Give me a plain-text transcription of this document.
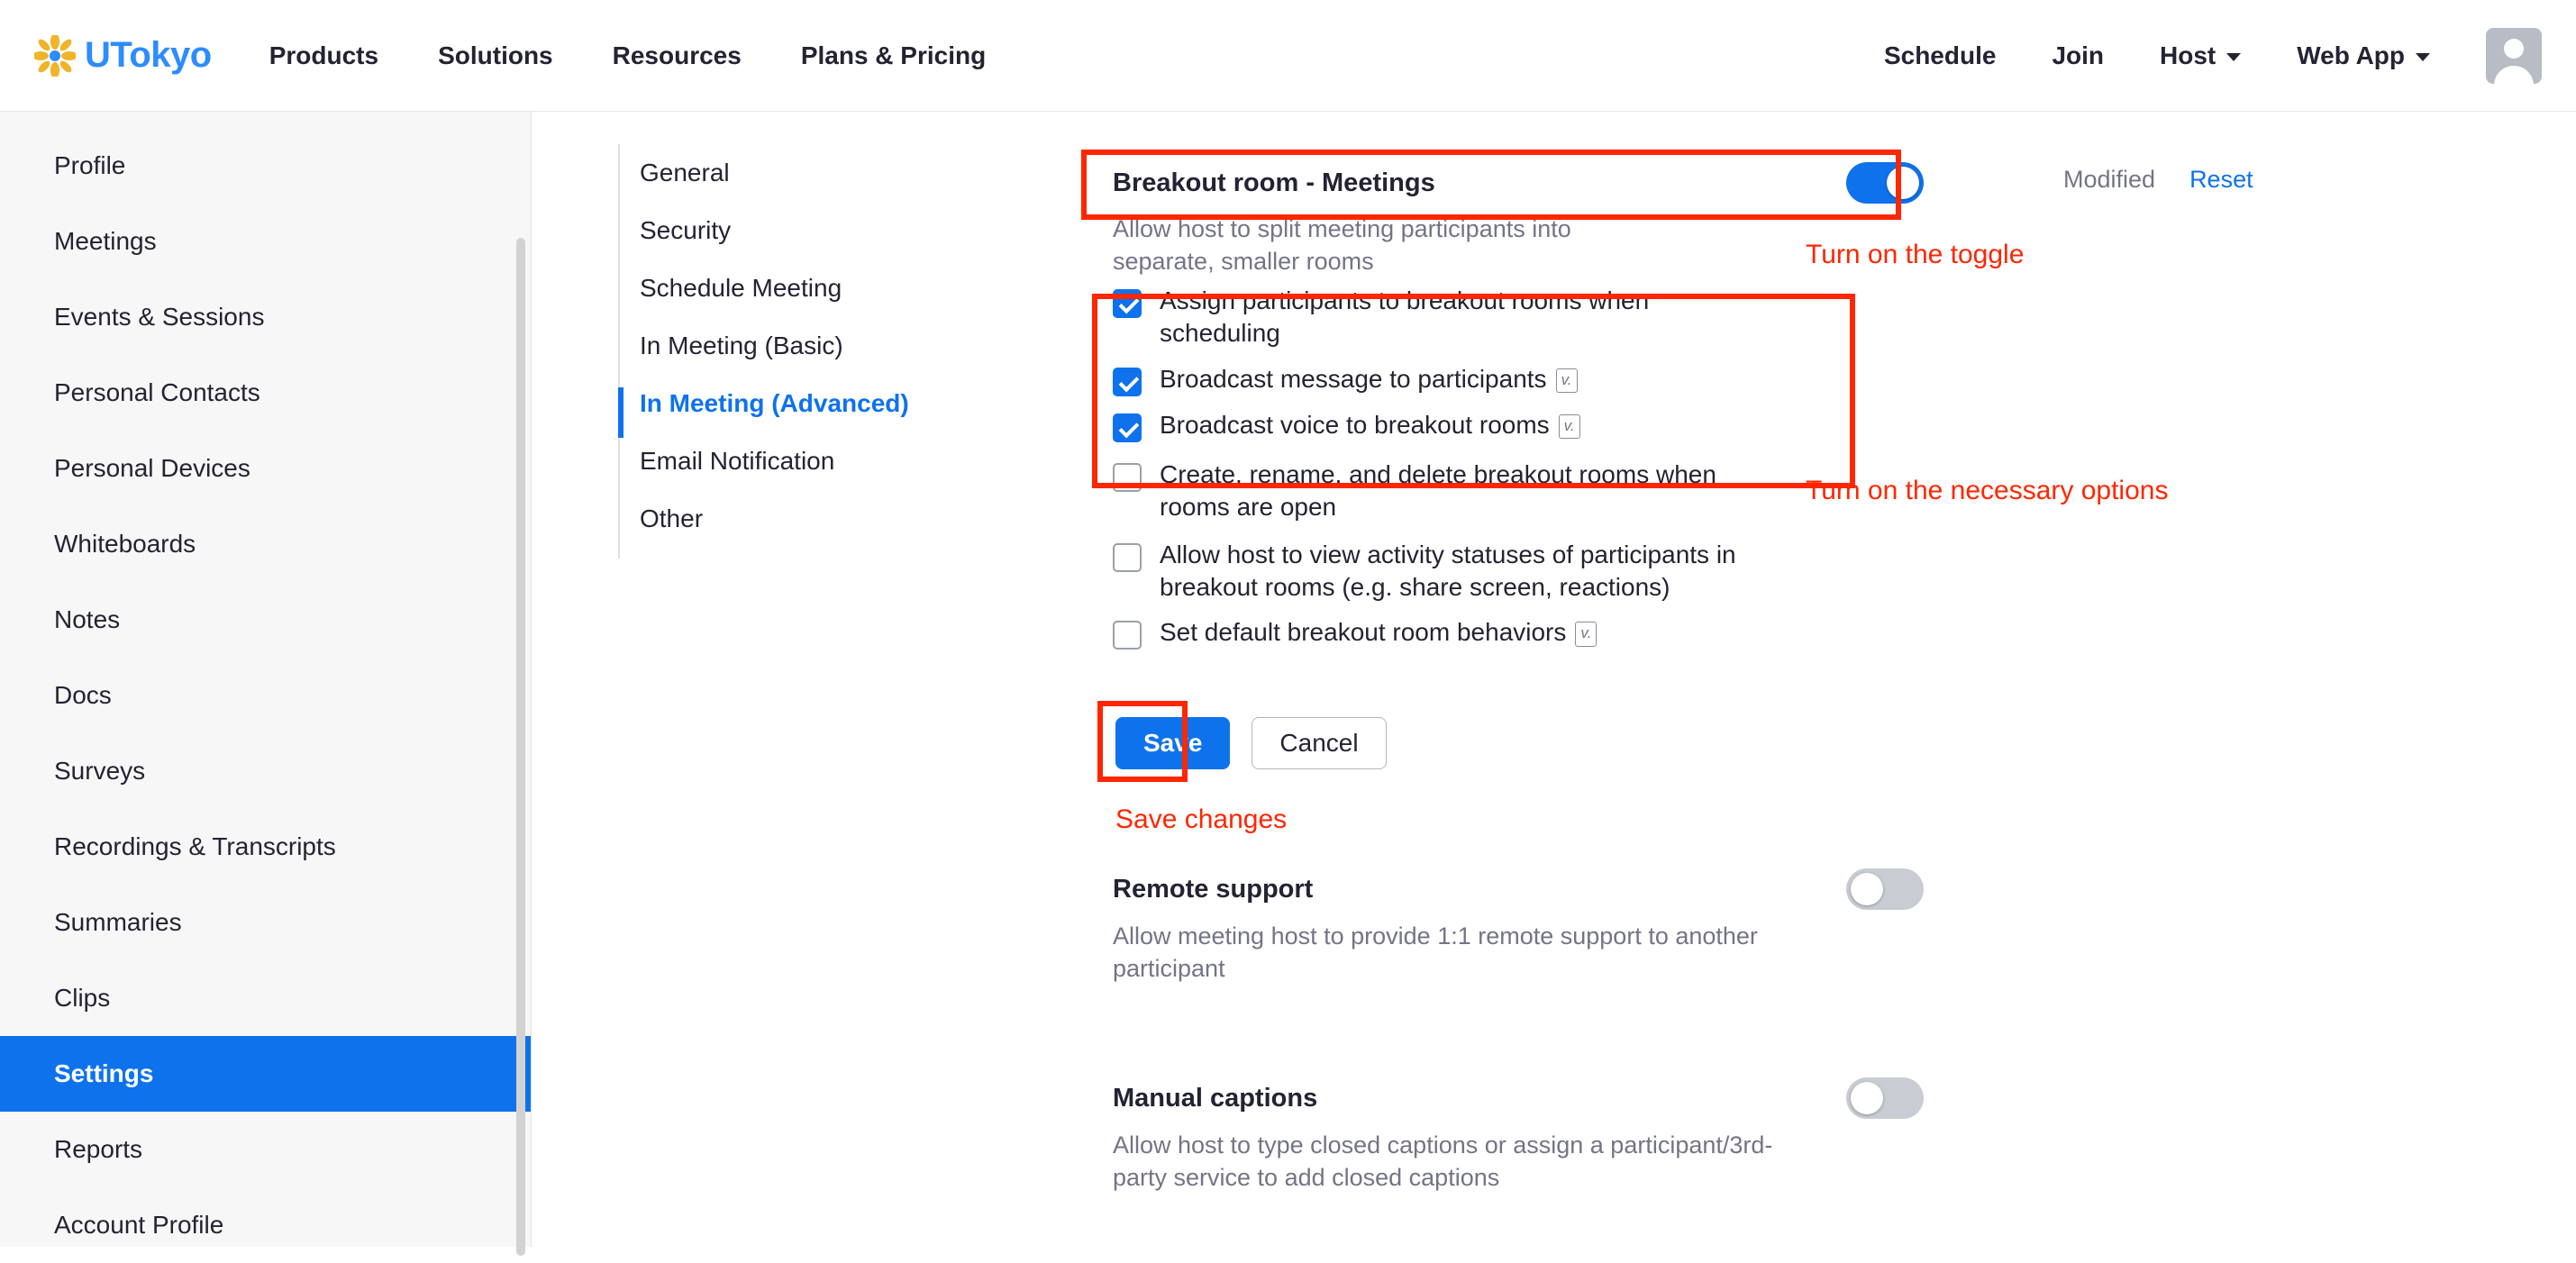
UTokyo Products Solutions Resources Plans & Pricing	Schedule Join Host	Web App
Profile
Meetings
Events & Sessions
Personal Contacts
Personal Devices
Whiteboards
Notes
Docs
Surveys
Recordings & Transcripts
Summaries
Clips
Settings
Reports
Account Profile
General
Security
Schedule Meeting
In Meeting (Basic)
In Meeting (Advanced)
Email Notification
Other
Breakout room - Meetings
Allow host to split meeting participants into separate, smaller rooms
Modified Reset
Assign participants to breakout rooms when scheduling
Broadcast message to participants v.
Broadcast voice to breakout rooms v.
Create, rename, and delete breakout rooms when rooms are open
Allow host to view activity statuses of participants in breakout rooms (e.g. share screen, reactions)
Set default breakout room behaviors v.
Save	Cancel
Remote support
Allow meeting host to provide 1:1 remote support to another participant
Manual captions
Allow host to type closed captions or assign a participant/3rd-party service to add closed captions
Turn on the toggle
Turn on the necessary options
Save changes
